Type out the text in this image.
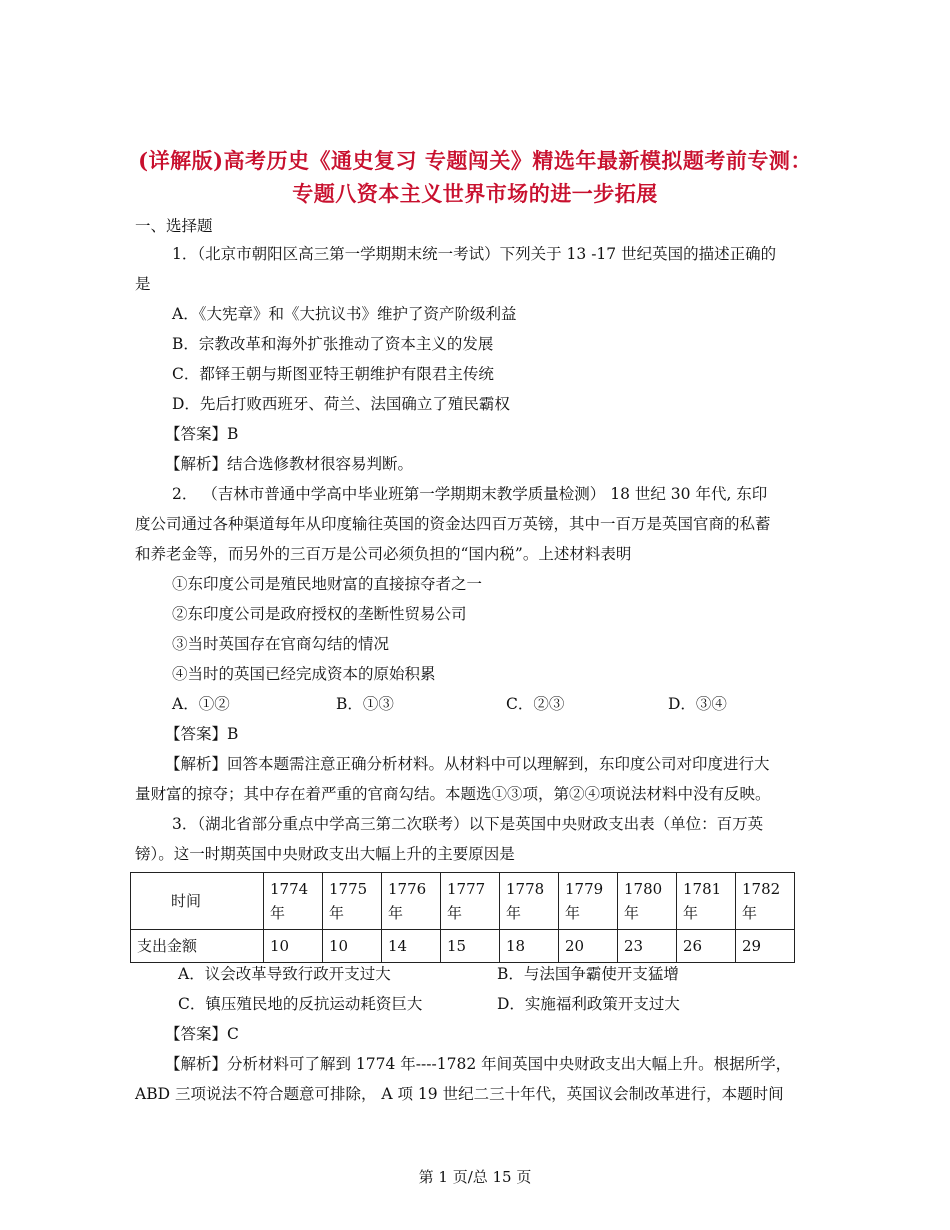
(详解版)高考历史《通史复习 专题闯关》精选年最新模拟题考前专测：
专题八资本主义世界市场的进一步拓展
一、选择题
1．（北京市朝阳区高三第一学期期末统一考试）下列关于 13 -17 世纪英国的描述正确的
是
A．《大宪章》和《大抗议书》维护了资产阶级利益
B．宗教改革和海外扩张推动了资本主义的发展
C．都铎王朝与斯图亚特王朝维护有限君主传统
D．先后打败西班牙、荷兰、法国确立了殖民霸权
【答案】B
【解析】结合选修教材很容易判断。
2． （吉林市普通中学高中毕业班第一学期期末教学质量检测） 18 世纪 30 年代, 东印
度公司通过各种渠道每年从印度输往英国的资金达四百万英镑，其中一百万是英国官商的私蓄
和养老金等，而另外的三百万是公司必须负担的“国内税”。上述材料表明
①东印度公司是殖民地财富的直接掠夺者之一
②东印度公司是政府授权的垄断性贸易公司
③当时英国存在官商勾结的情况
④当时的英国已经完成资本的原始积累
A．①②	B．①③	C．②③	D．③④
【答案】B
【解析】回答本题需注意正确分析材料。从材料中可以理解到，东印度公司对印度进行大
量财富的掠夺；其中存在着严重的官商勾结。本题选①③项，第②④项说法材料中没有反映。
3．（湖北省部分重点中学高三第二次联考）以下是英国中央财政支出表（单位：百万英
镑）。这一时期英国中央财政支出大幅上升的主要原因是
时间	1774
年	1775
年	1776
年	1777
年	1778
年	1779
年	1780
年	1781
年	1782
年
支出金额	10	10	14	15	18	20	23	26	29
A．议会改革导致行政开支过大	B．与法国争霸使开支猛增
C．镇压殖民地的反抗运动耗资巨大	D．实施福利政策开支过大
【答案】C
【解析】分析材料可了解到 1774 年----1782 年间英国中央财政支出大幅上升。根据所学，
ABD 三项说法不符合题意可排除， A 项 19 世纪二三十年代，英国议会制改革进行，本题时间
第 1 页/总 15 页
